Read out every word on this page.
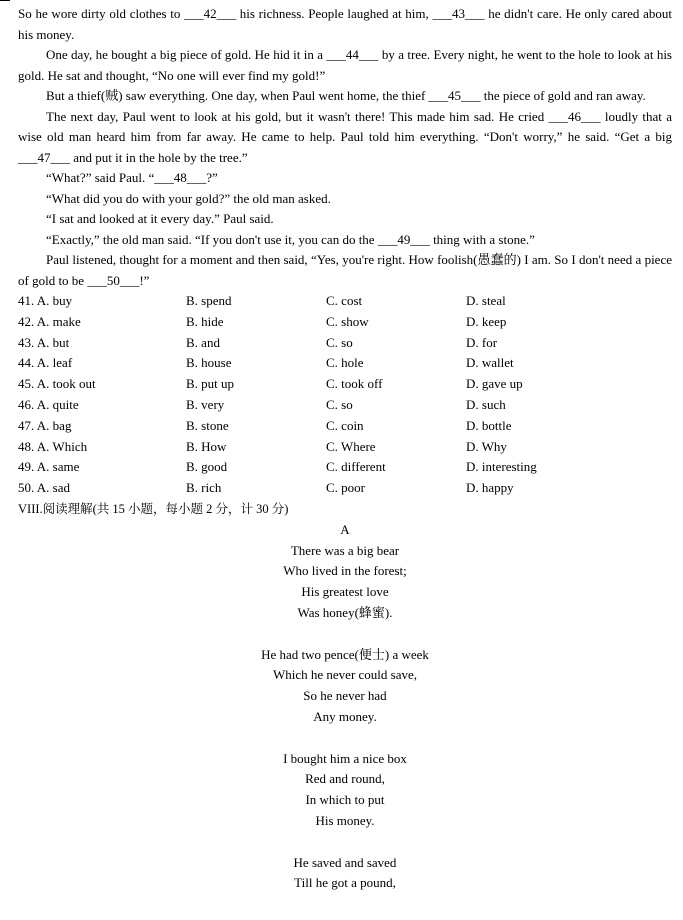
So he wore dirty old clothes to ___42___ his richness. People laughed at him, ___43___ he didn't care. He only cared about his money.

One day, he bought a big piece of gold. He hid it in a ___44___ by a tree. Every night, he went to the hole to look at his gold. He sat and thought, “No one will ever find my gold!”

But a thief(贼) saw everything. One day, when Paul went home, the thief ___45___ the piece of gold and ran away.

The next day, Paul went to look at his gold, but it wasn't there! This made him sad. He cried ___46___ loudly that a wise old man heard him from far away. He came to help. Paul told him everything. “Don't worry,” he said. “Get a big ___47___ and put it in the hole by the tree.”

“What?” said Paul. “___48___?”

“What did you do with your gold?” the old man asked.

“I sat and looked at it every day.” Paul said.

“Exactly,” the old man said. “If you don't use it, you can do the ___49___ thing with a stone.”

Paul listened, thought for a moment and then said, “Yes, you're right. How foolish(愚蠢的) I am. So I don't need a piece of gold to be ___50___!”

41. A. buy	B. spend	C. cost	D. steal
42. A. make	B. hide	C. show	D. keep
43. A. but	B. and	C. so	D. for
44. A. leaf	B. house	C. hole	D. wallet
45. A. took out	B. put up	C. took off	D. gave up
46. A. quite	B. very	C. so	D. such
47. A. bag	B. stone	C. coin	D. bottle
48. A. Which	B. How	C. Where	D. Why
49. A. same	B. good	C. different	D. interesting
50. A. sad	B. rich	C. poor	D. happy
VIII.阅读理解(共 15 小题，每小题 2 分，计 30 分)
A
There was a big bear
Who lived in the forest;
His greatest love
Was honey(蜂蜜).
He had two pence(便士) a week
Which he never could save,
So he never had
Any money.
I bought him a nice box
Red and round,
In which to put
His money.
He saved and saved
Till he got a pound,
